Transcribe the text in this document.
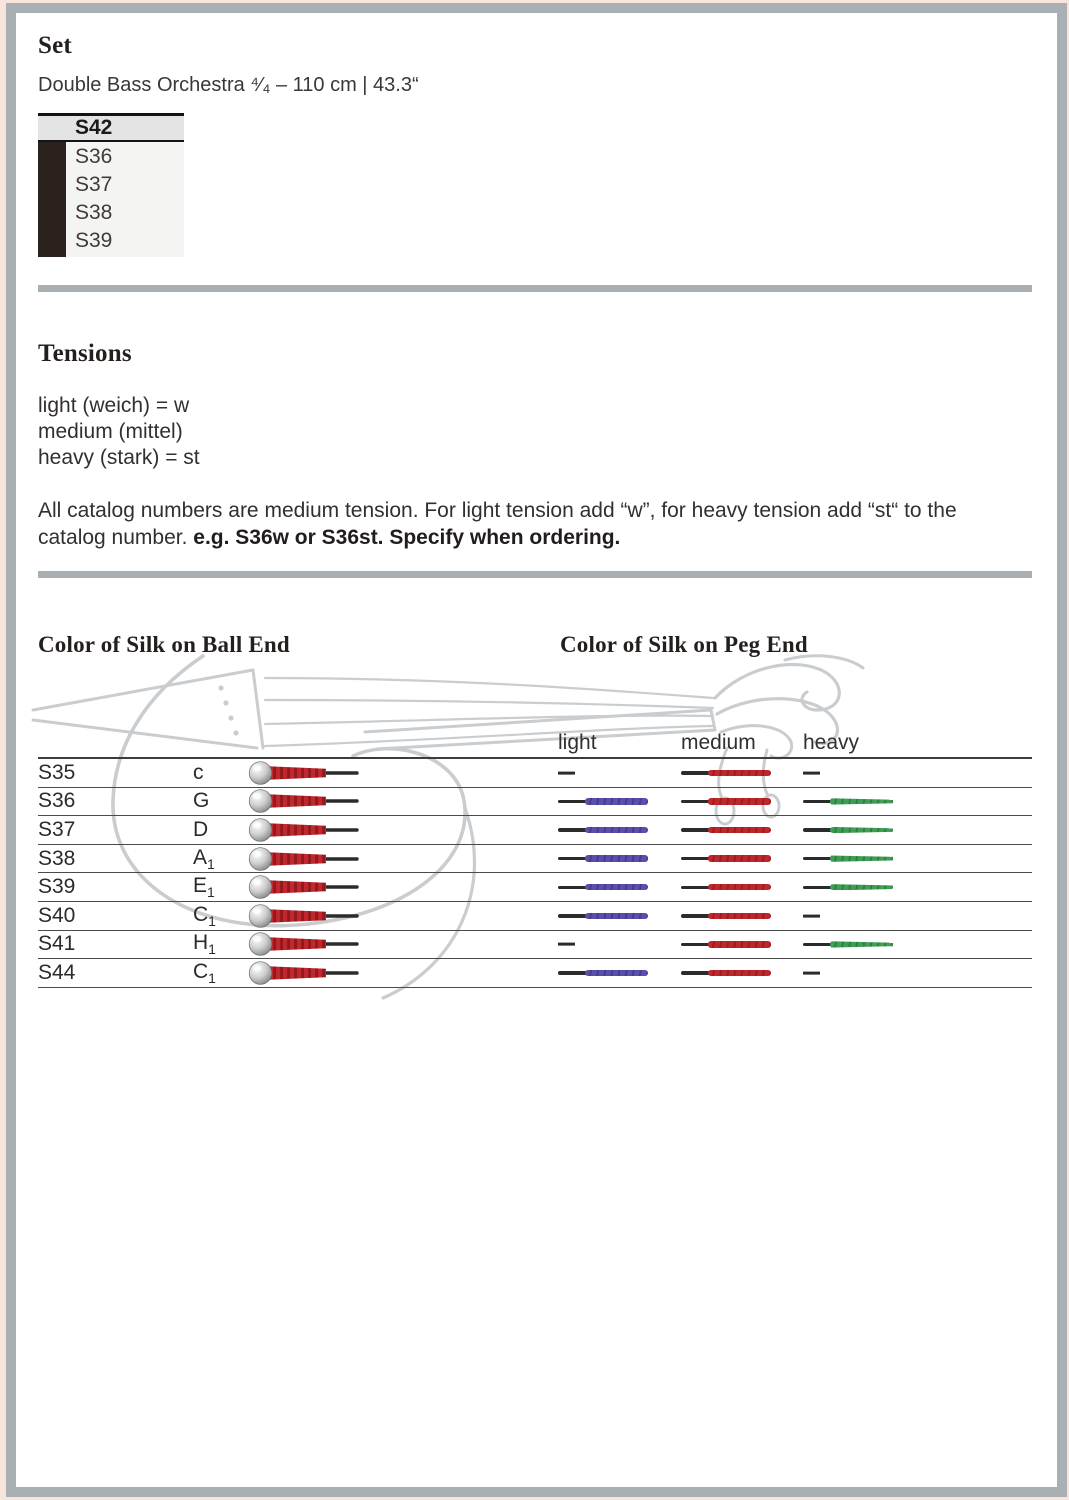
Set
Double Bass Orchestra ⁴⁄₄ – 110 cm | 43.3“
S42
S36
S37
S38
S39
Tensions
light (weich) = w
medium (mittel)
heavy (stark) = st
All catalog numbers are medium tension. For light tension add “w”, for heavy tension add “st“ to the catalog number. e.g. S36w or S36st. Specify when ordering.
Color of Silk on Ball End	Color of Silk on Peg End
light	medium heavy
S35	c
S36	G
S37	D
S38	$A_1$
S39	$E_1$
S40	$C_1$
S41	$H_1$
S44	$C_1$
